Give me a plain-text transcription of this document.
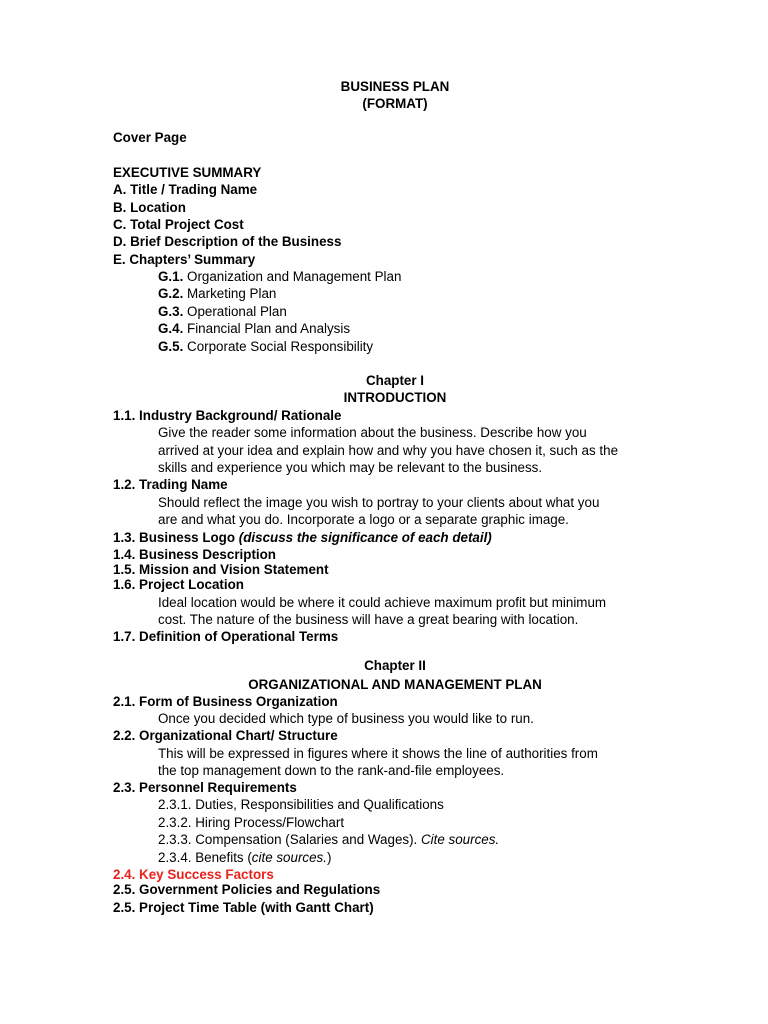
BUSINESS PLAN
(FORMAT)
Cover Page
EXECUTIVE SUMMARY
A. Title / Trading Name
B. Location
C. Total Project Cost
D. Brief Description of the Business
E. Chapters’ Summary
G.1. Organization and Management Plan
G.2. Marketing Plan
G.3. Operational Plan
G.4. Financial Plan and Analysis
G.5. Corporate Social Responsibility
Chapter I
INTRODUCTION
1.1. Industry Background/ Rationale
Give the reader some information about the business. Describe how you
arrived at your idea and explain how and why you have chosen it, such as the
skills and experience you which may be relevant to the business.
1.2. Trading Name
Should reflect the image you wish to portray to your clients about what you
are and what you do. Incorporate a logo or a separate graphic image.
1.3. Business Logo (discuss the significance of each detail)
1.4. Business Description
1.5. Mission and Vision Statement
1.6. Project Location
Ideal location would be where it could achieve maximum profit but minimum
cost. The nature of the business will have a great bearing with location.
1.7. Definition of Operational Terms
Chapter II
ORGANIZATIONAL AND MANAGEMENT PLAN
2.1. Form of Business Organization
Once you decided which type of business you would like to run.
2.2. Organizational Chart/ Structure
This will be expressed in figures where it shows the line of authorities from
the top management down to the rank-and-file employees.
2.3. Personnel Requirements
2.3.1. Duties, Responsibilities and Qualifications
2.3.2. Hiring Process/Flowchart
2.3.3. Compensation (Salaries and Wages). Cite sources.
2.3.4. Benefits (cite sources.)
2.4. Key Success Factors
2.5. Government Policies and Regulations
2.5. Project Time Table (with Gantt Chart)
